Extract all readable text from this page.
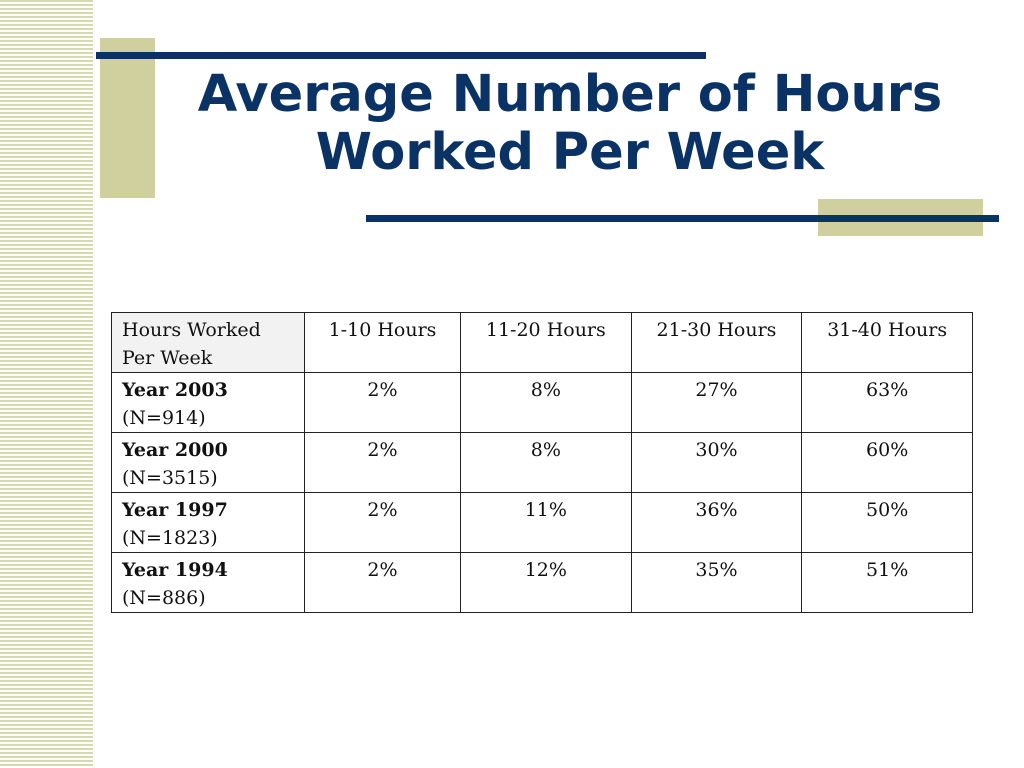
Average Number of Hours
Worked Per Week
Hours Worked
Per Week	1-10 Hours	11-20 Hours	21-30 Hours	31-40 Hours

Year 2003
(N=914)	2%	8%	27%	63%

Year 2000
(N=3515)	2%	8%	30%	60%

Year 1997
(N=1823)	2%	11%	36%	50%

Year 1994
(N=886)	2%	12%	35%	51%
